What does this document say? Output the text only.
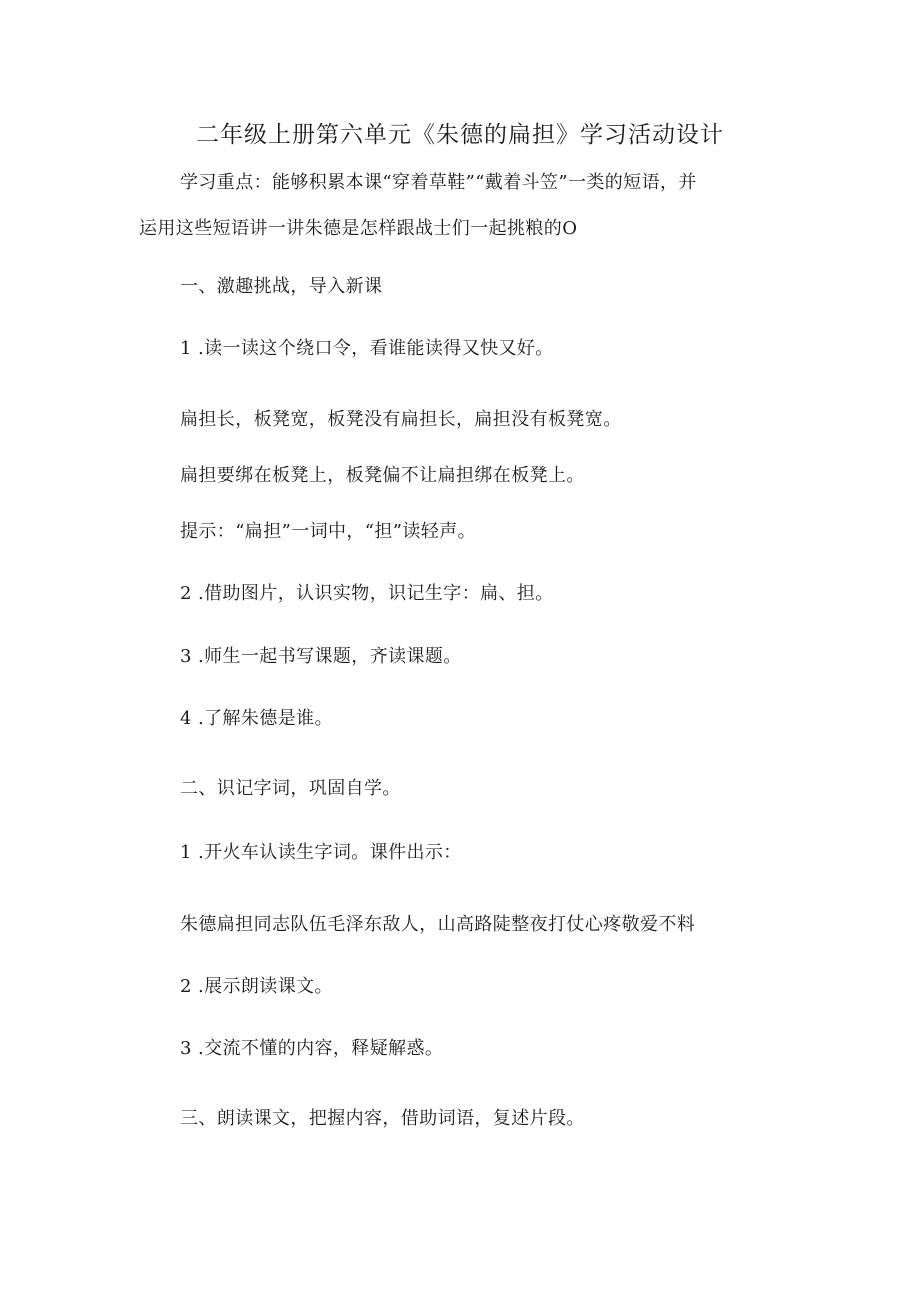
二年级上册第六单元《朱德的扁担》学习活动设计
学习重点：能够积累本课“穿着草鞋”“戴着斗笠”一类的短语，并
运用这些短语讲一讲朱德是怎样跟战士们一起挑粮的O
一、激趣挑战，导入新课
1 .读一读这个绕口令，看谁能读得又快又好。
扁担长，板凳宽，板凳没有扁担长，扁担没有板凳宽。
扁担要绑在板凳上，板凳偏不让扁担绑在板凳上。
提示：“扁担”一词中，“担”读轻声。
2 .借助图片，认识实物，识记生字：扁、担。
3 .师生一起书写课题，齐读课题。
4 .了解朱德是谁。
二、识记字词，巩固自学。
1 .开火车认读生字词。课件出示：
朱德扁担同志队伍毛泽东敌人，山高路陡整夜打仗心疼敬爱不料
2 .展示朗读课文。
3 .交流不懂的内容，释疑解惑。
三、朗读课文，把握内容，借助词语，复述片段。
